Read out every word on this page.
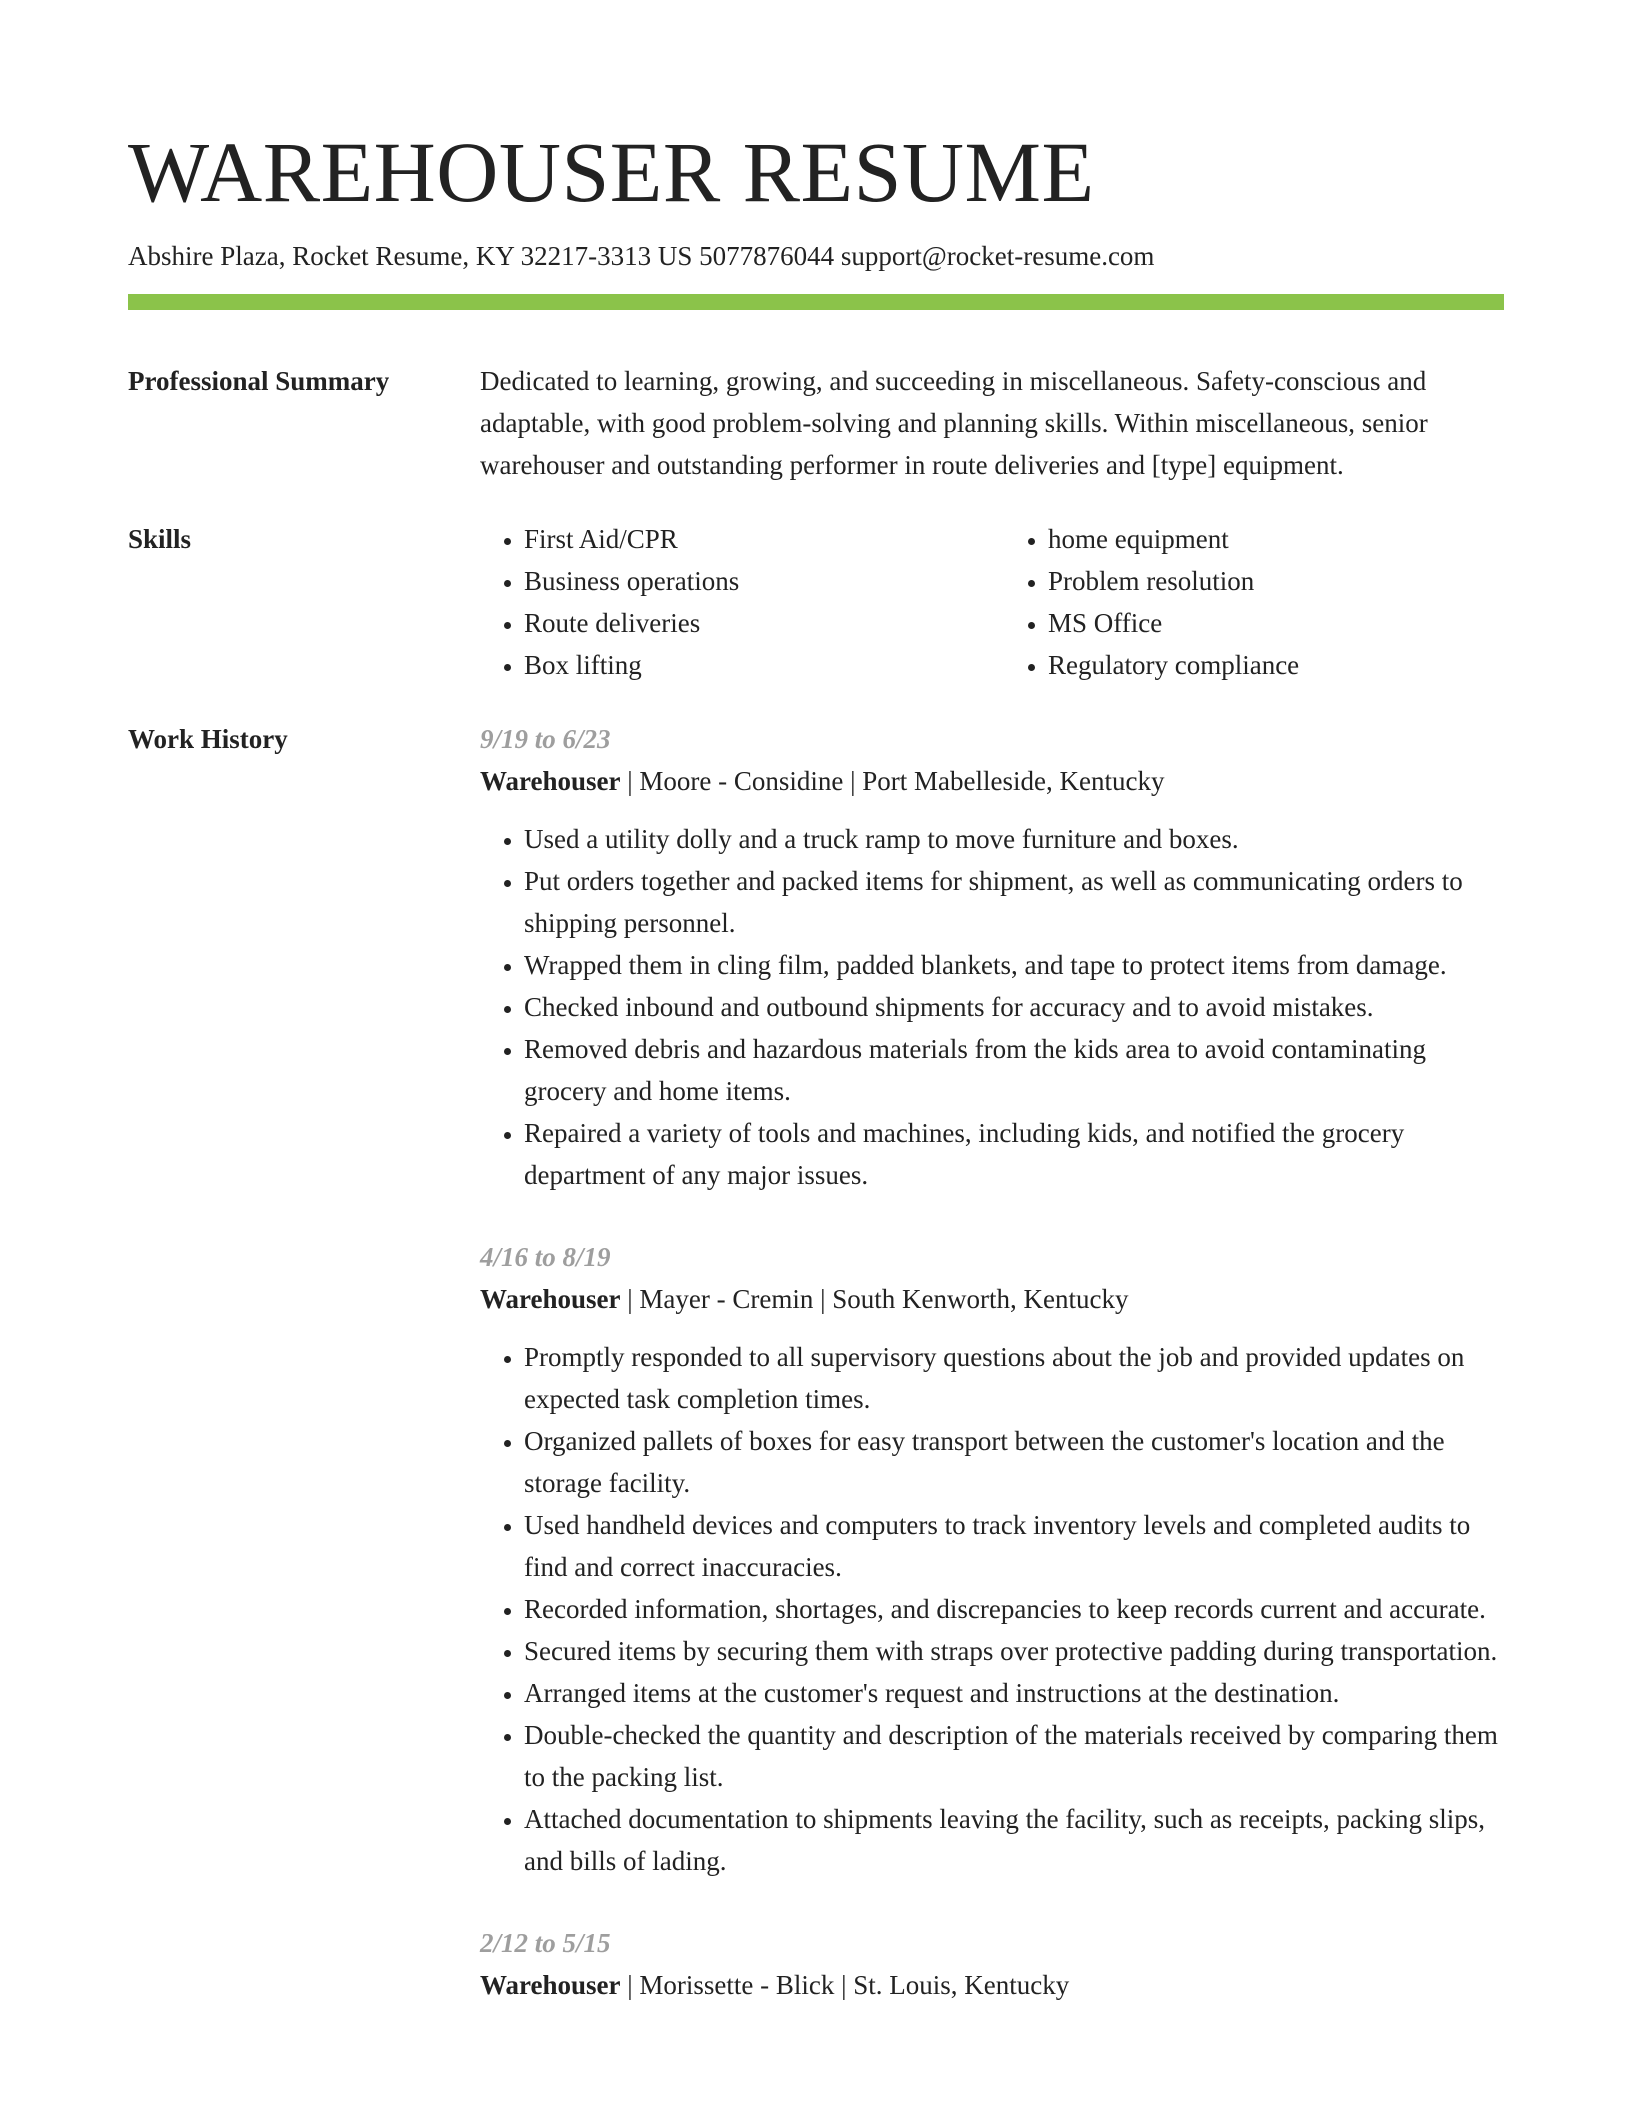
WAREHOUSER RESUME
Abshire Plaza, Rocket Resume, KY 32217-3313 US 5077876044 support@rocket-resume.com
Professional Summary	Dedicated to learning, growing, and succeeding in miscellaneous. Safety-conscious and adaptable, with good problem-solving and planning skills. Within miscellaneous, senior warehouser and outstanding performer in route deliveries and [type] equipment.
Skills
•	First Aid/CPR
• Business operations
• Route deliveries
• Box lifting
• home equipment
• Problem resolution
• MS Office
• Regulatory compliance
Work History	9/19 to 6/23
Warehouser | Moore - Considine | Port Mabelleside, Kentucky
• Used a utility dolly and a truck ramp to move furniture and boxes.
• Put orders together and packed items for shipment, as well as communicating orders to shipping personnel.
• Wrapped them in cling film, padded blankets, and tape to protect items from damage.
• Checked inbound and outbound shipments for accuracy and to avoid mistakes.
• Removed debris and hazardous materials from the kids area to avoid contaminating grocery and home items.
• Repaired a variety of tools and machines, including kids, and notified the grocery department of any major issues.
4/16 to 8/19
Warehouser | Mayer - Cremin | South Kenworth, Kentucky
• Promptly responded to all supervisory questions about the job and provided updates on expected task completion times.
• Organized pallets of boxes for easy transport between the customer's location and the storage facility.
• Used handheld devices and computers to track inventory levels and completed audits to find and correct inaccuracies.
• Recorded information, shortages, and discrepancies to keep records current and accurate.
• Secured items by securing them with straps over protective padding during transportation.
• Arranged items at the customer's request and instructions at the destination.
• Double-checked the quantity and description of the materials received by comparing them to the packing list.
• Attached documentation to shipments leaving the facility, such as receipts, packing slips, and bills of lading.
2/12 to 5/15
Warehouser | Morissette - Blick | St. Louis, Kentucky
